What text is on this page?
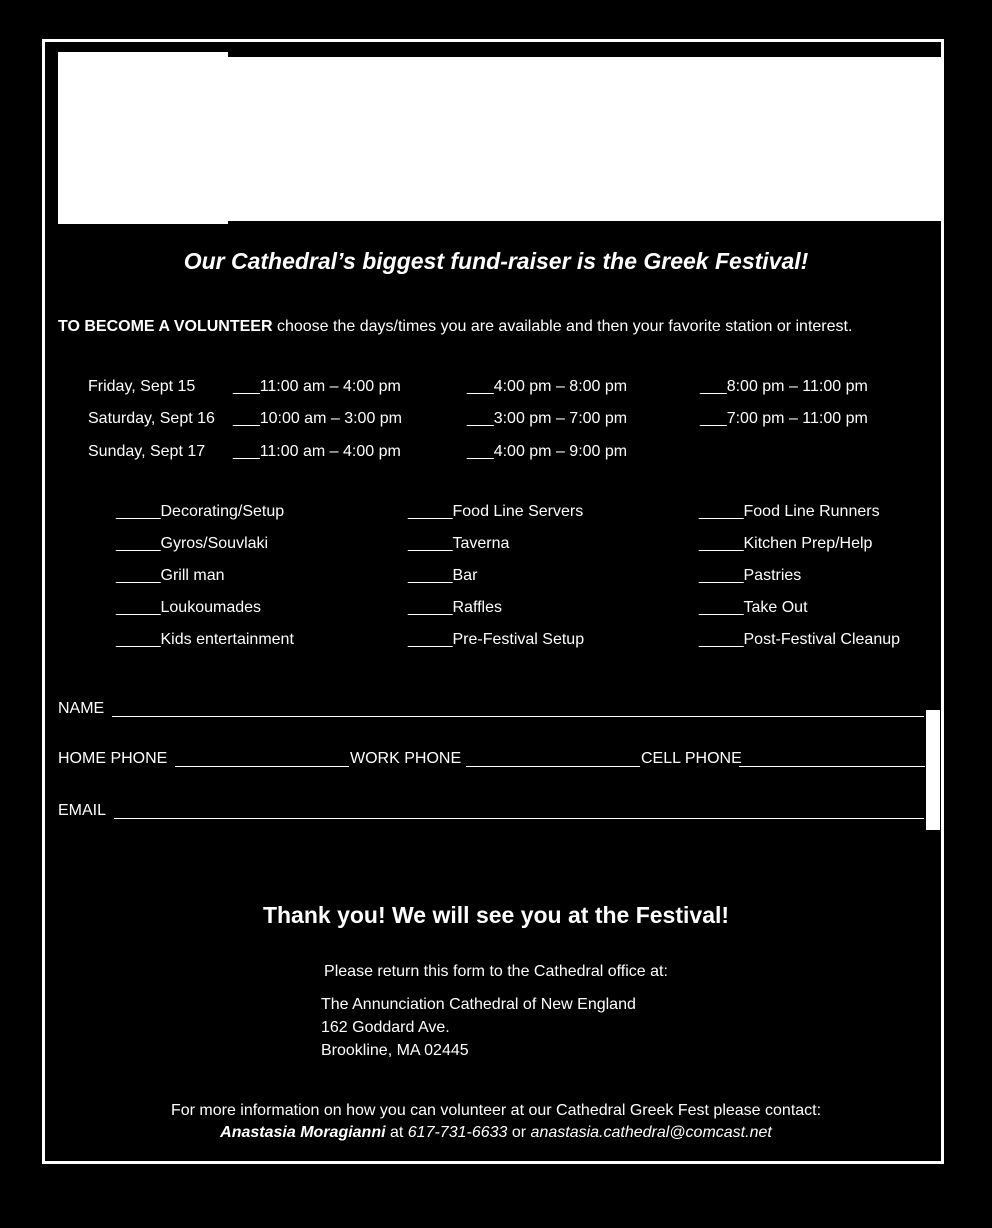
Our Cathedral’s biggest fund-raiser is the Greek Festival!
TO BECOME A VOLUNTEER choose the days/times you are available and then your favorite station or interest.
Friday, Sept 15 ___11:00 am – 4:00 pm	___4:00 pm – 8:00 pm	___8:00 pm – 11:00 pm
Saturday, Sept 16 ___10:00 am – 3:00 pm	___3:00 pm – 7:00 pm	___7:00 pm – 11:00 pm
Sunday, Sept 17 ___11:00 am – 4:00 pm	___4:00 pm – 9:00 pm
_____Decorating/Setup	_____Food Line Servers	_____Food Line Runners
_____Gyros/Souvlaki	_____Taverna	_____Kitchen Prep/Help
_____Grill man	_____Bar	_____Pastries
_____Loukoumades	_____Raffles	_____Take Out
_____Kids entertainment	_____Pre-Festival Setup	_____Post-Festival Cleanup
NAME
HOME PHONE	WORK PHONE	CELL PHONE
EMAIL
Thank you! We will see you at the Festival!
Please return this form to the Cathedral office at:
The Annunciation Cathedral of New England
162 Goddard Ave.
Brookline, MA 02445
For more information on how you can volunteer at our Cathedral Greek Fest please contact:
Anastasia Moragianni at 617-731-6633 or anastasia.cathedral@comcast.net
